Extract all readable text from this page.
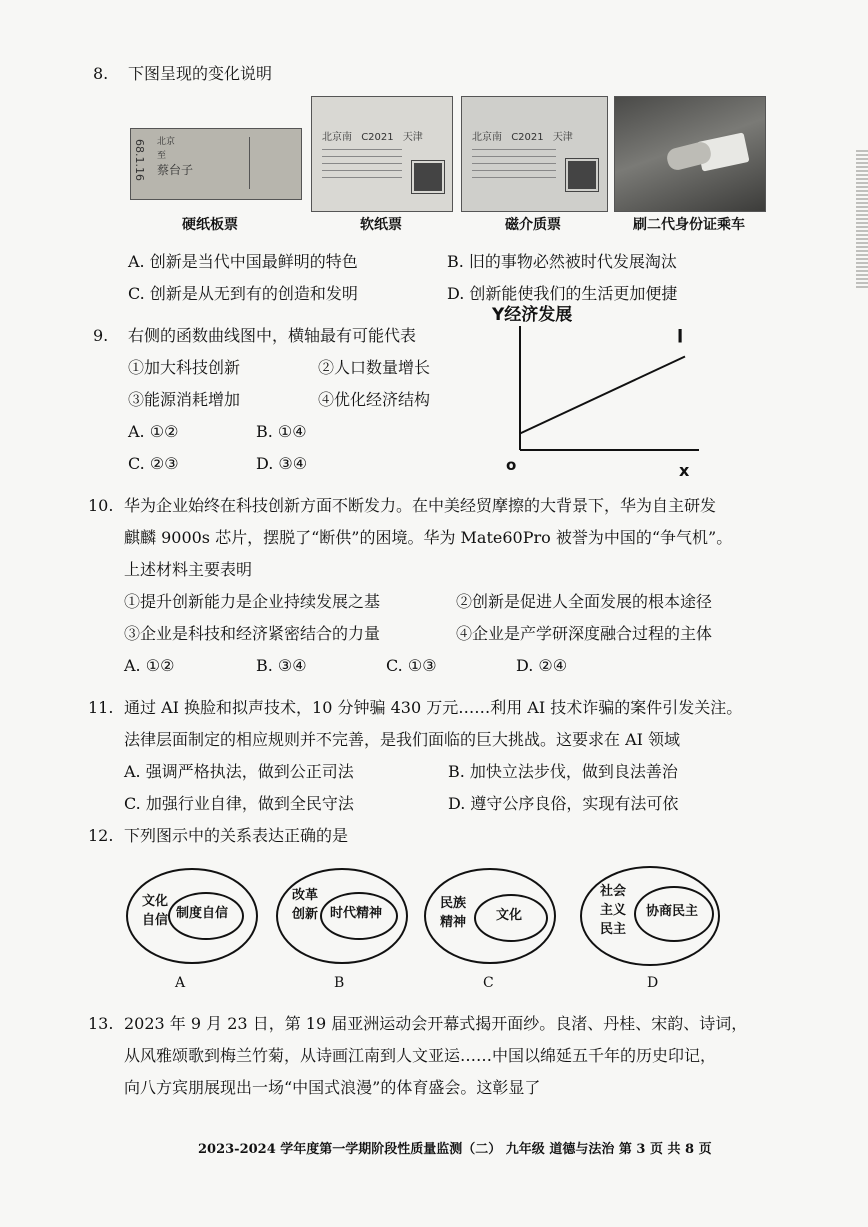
8. 下图呈现的变化说明
北京
至
蔡台子
68.1.16
硬纸板票
北京南 C2021 天津
软纸票
北京南 C2021 天津
磁介质票	刷二代身份证乘车
A. 创新是当代中国最鲜明的特色	B. 旧的事物必然被时代发展淘汰
C. 创新是从无到有的创造和发明	D. 创新能使我们的生活更加便捷
9. 右侧的函数曲线图中，横轴最有可能代表
①加大科技创新	②人口数量增长
③能源消耗增加	④优化经济结构
A. ①②	B. ①④
C. ②③	D. ③④
Y经济发展
x
o
l
10. 华为企业始终在科技创新方面不断发力。在中美经贸摩擦的大背景下，华为自主研发
麒麟 9000s 芯片，摆脱了“断供”的困境。华为 Mate60Pro 被誉为中国的“争气机”。
上述材料主要表明
①提升创新能力是企业持续发展之基	②创新是促进人全面发展的根本途径
③企业是科技和经济紧密结合的力量	④企业是产学研深度融合过程的主体
A. ①②	B. ③④	C. ①③	D. ②④
11. 通过 AI 换脸和拟声技术，10 分钟骗 430 万元……利用 AI 技术诈骗的案件引发关注。
法律层面制定的相应规则并不完善，是我们面临的巨大挑战。这要求在 AI 领域
A. 强调严格执法，做到公正司法	B. 加快立法步伐，做到良法善治
C. 加强行业自律，做到全民守法	D. 遵守公序良俗，实现有法可依
12. 下列图示中的关系表达正确的是
文化
自信 制度自信
A
改革
创新 时代精神
B
民族
精神 文化
C
社会
主义
民主
协商民主
D
13. 2023 年 9 月 23 日，第 19 届亚洲运动会开幕式揭开面纱。良渚、丹桂、宋韵、诗词，
从风雅颂歌到梅兰竹菊，从诗画江南到人文亚运……中国以绵延五千年的历史印记，
向八方宾朋展现出一场“中国式浪漫”的体育盛会。这彰显了
2023-2024 学年度第一学期阶段性质量监测（二） 九年级 道德与法治 第 3 页 共 8 页
